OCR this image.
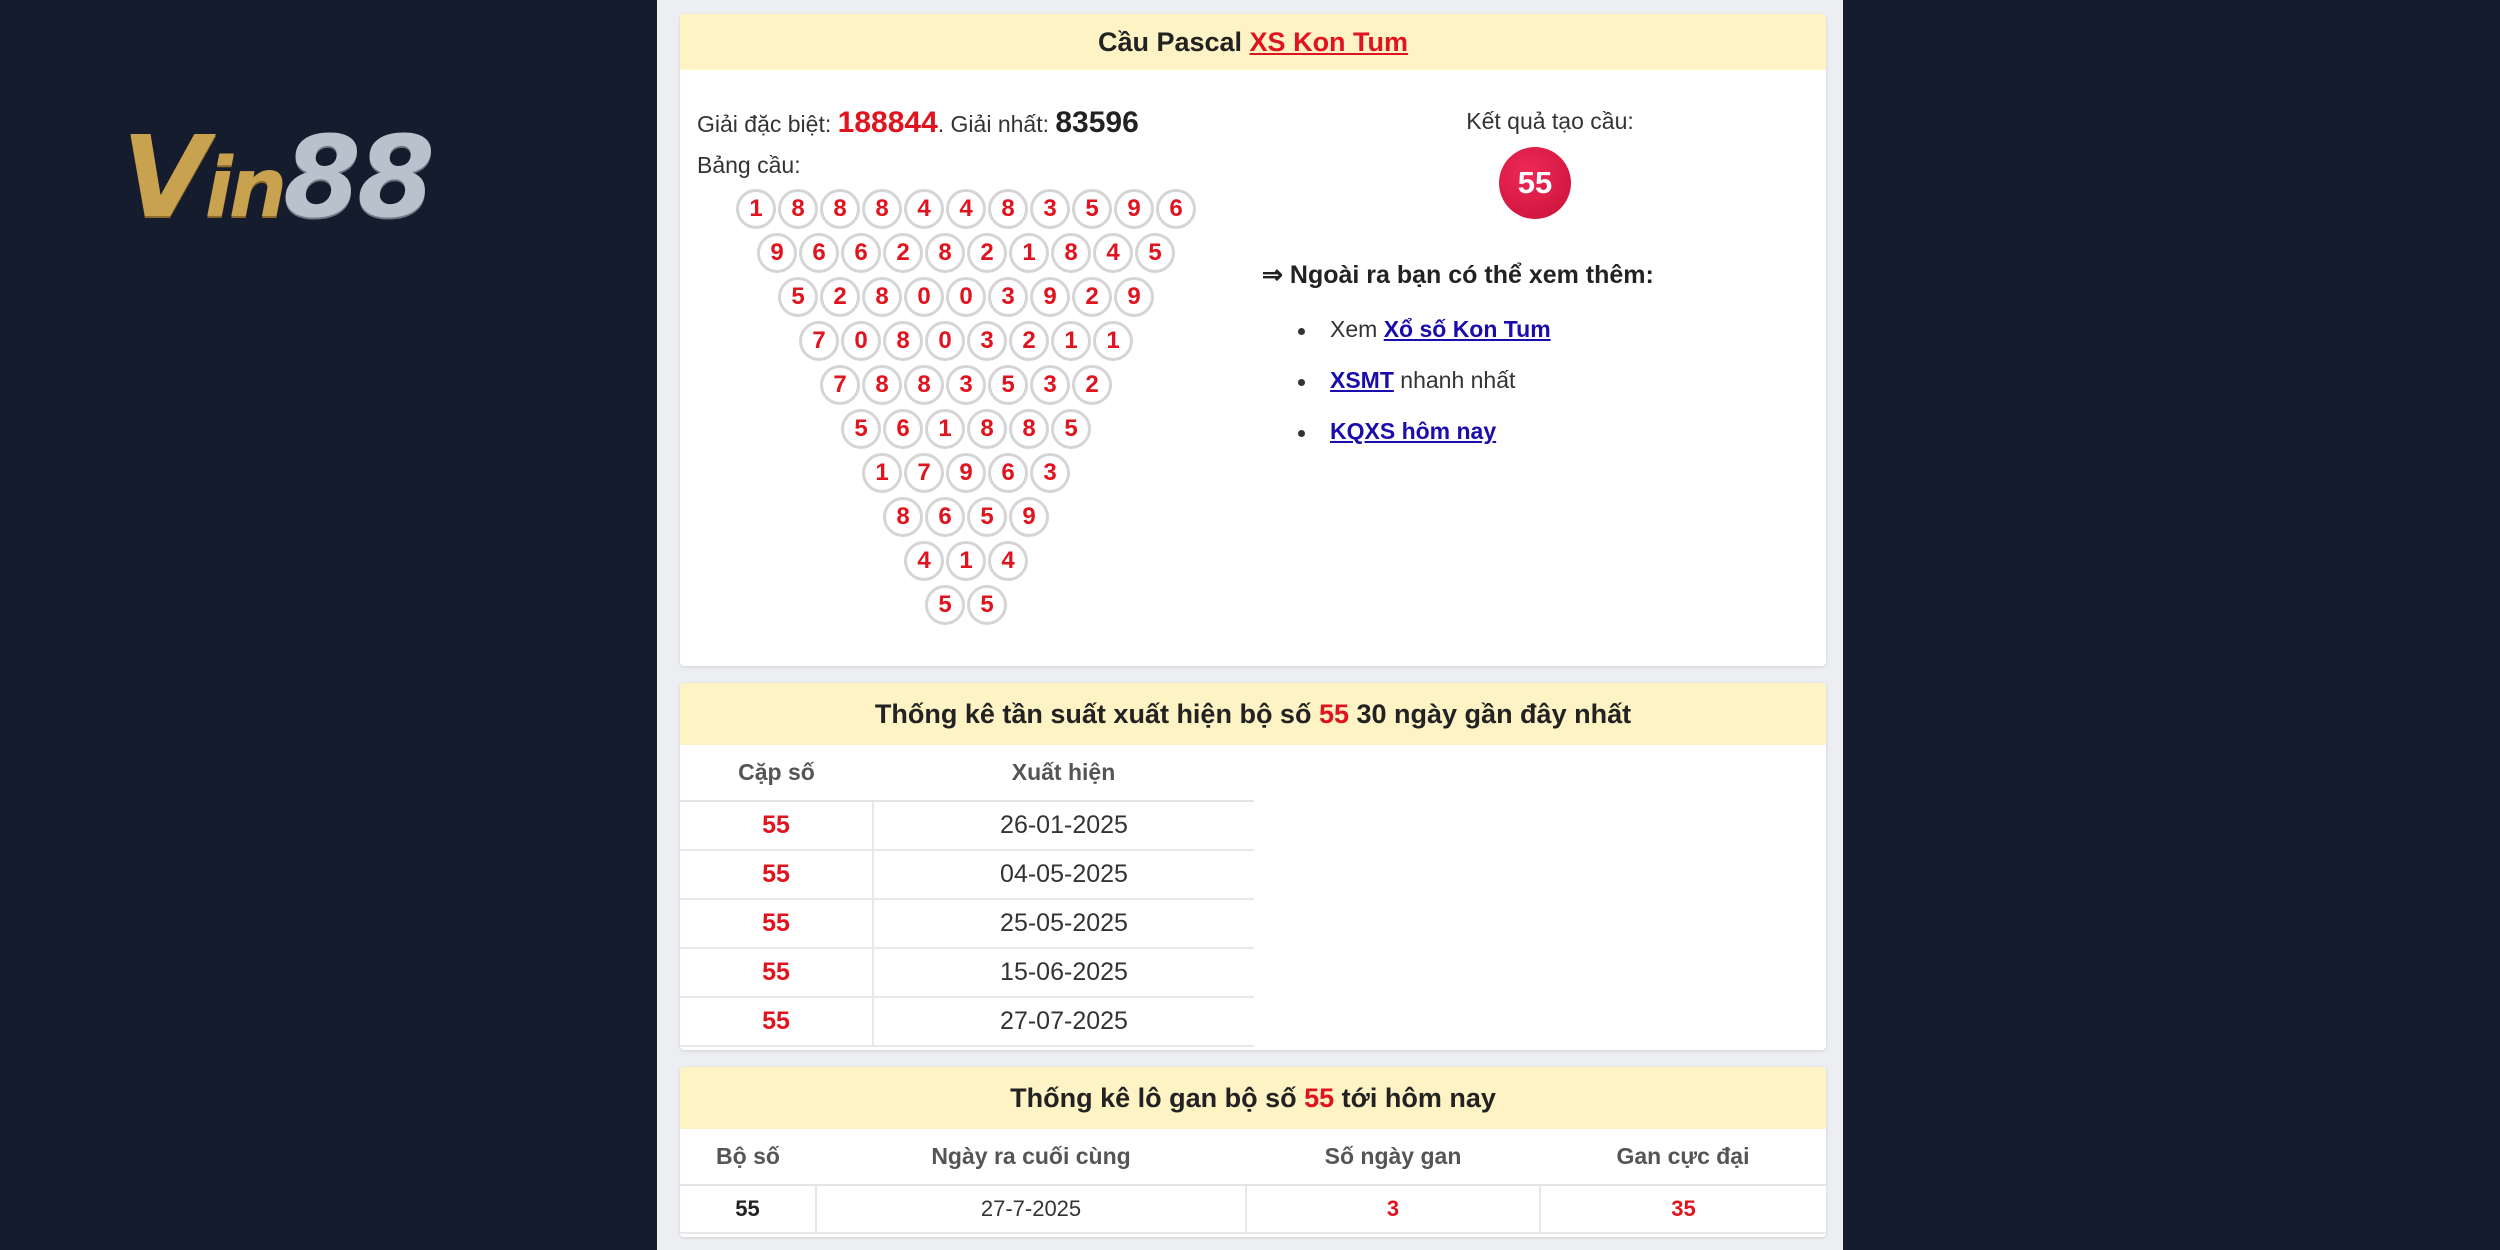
Vin88
Cầu Pascal XS Kon Tum
Giải đặc biệt: 188844. Giải nhất: 83596
Bảng cầu:
1	8	8	8	4	4	8	3	5	9	6
9	6	6	2	8	2	1	8	4	5
5	2	8	0	0	3	9	2	9
7	0	8	0	3	2	1	1
7	8	8	3	5	3	2
5	6	1	8	8	5
1	7	9	6	3
8	6	5	9
4	1	4
5	5
Kết quả tạo cầu:
55
⇒ Ngoài ra bạn có thể xem thêm:
Xem Xổ số Kon Tum
XSMT nhanh nhất
KQXS hôm nay
Thống kê tần suất xuất hiện bộ số 55 30 ngày gần đây nhất
Cặp số	Xuất hiện
55	26-01-2025
55	04-05-2025
55	25-05-2025
55	15-06-2025
55	27-07-2025
Thống kê lô gan bộ số 55 tới hôm nay
Bộ số	Ngày ra cuối cùng	Số ngày gan	Gan cực đại
55	27-7-2025	3	35
